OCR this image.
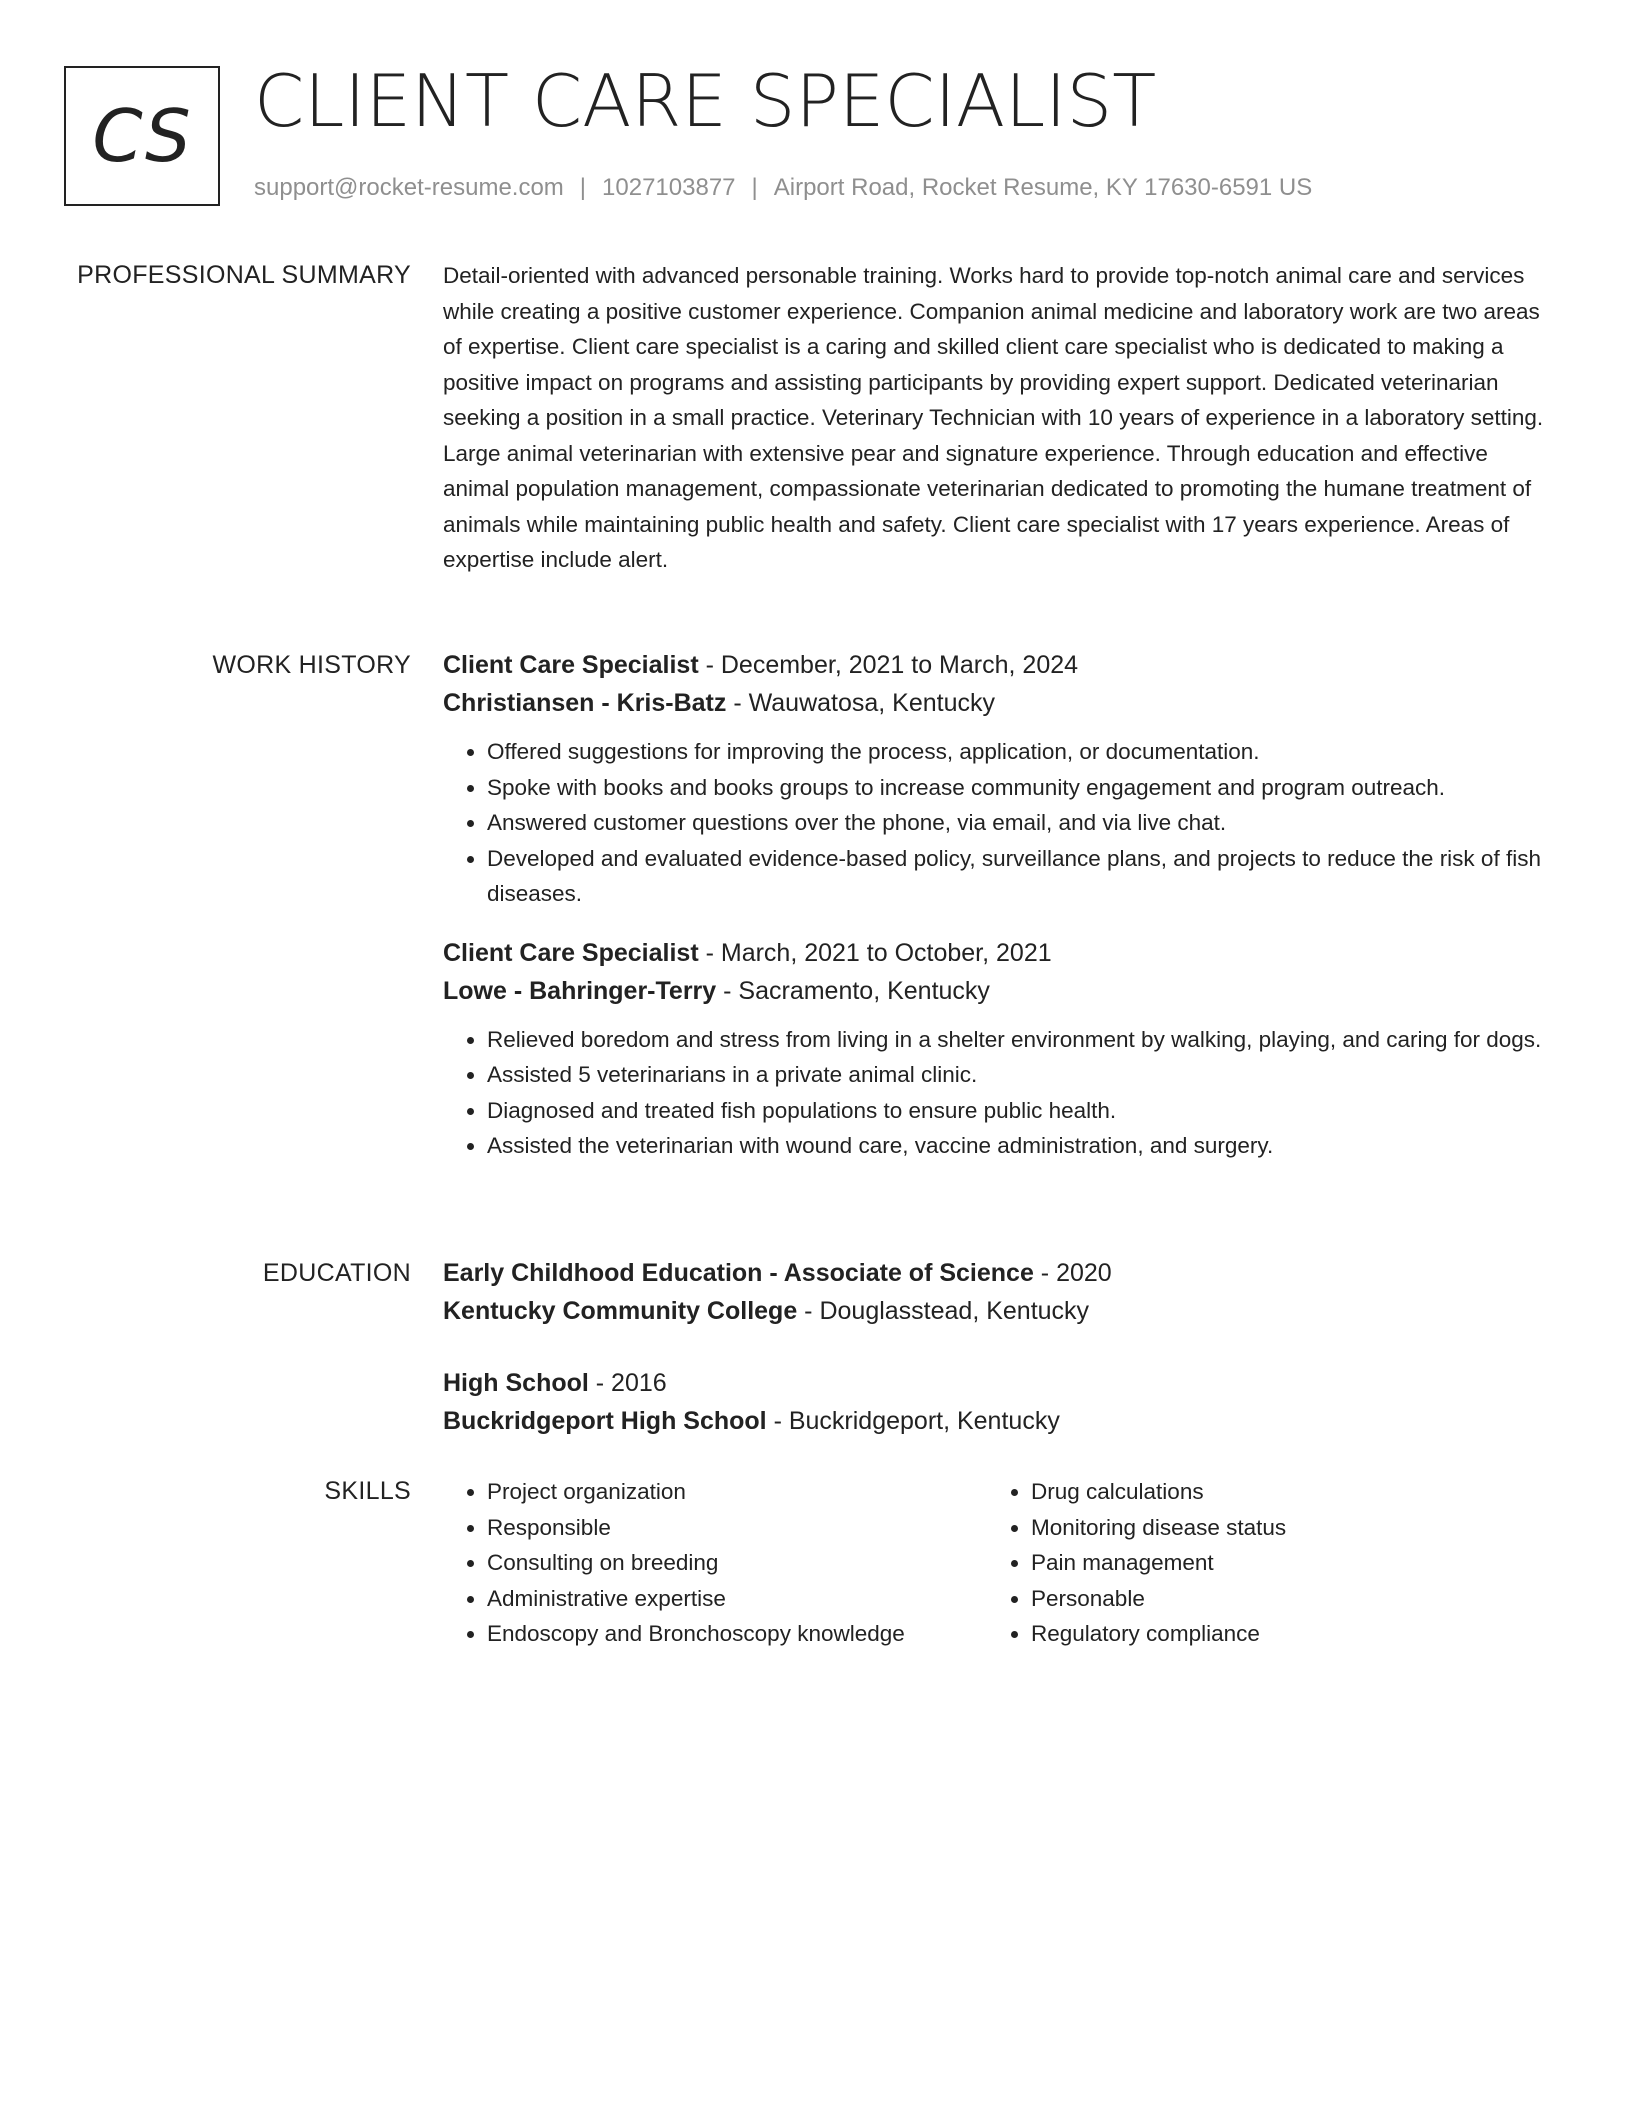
CS CLIENT CARE SPECIALIST
support@rocket-resume.com | 1027103877 | Airport Road, Rocket Resume, KY 17630-6591 US
PROFESSIONAL SUMMARY Detail-oriented with advanced personable training. Works hard to provide top-notch animal care and services while creating a positive customer experience. Companion animal medicine and laboratory work are two areas of expertise. Client care specialist is a caring and skilled client care specialist who is dedicated to making a positive impact on programs and assisting participants by providing expert support. Dedicated veterinarian seeking a position in a small practice. Veterinary Technician with 10 years of experience in a laboratory setting. Large animal veterinarian with extensive pear and signature experience. Through education and effective animal population management, compassionate veterinarian dedicated to promoting the humane treatment of animals while maintaining public health and safety. Client care specialist with 17 years experience. Areas of expertise include alert.

WORK HISTORY Client Care Specialist - December, 2021 to March, 2024
Christiansen - Kris-Batz - Wauwatosa, Kentucky
• Offered suggestions for improving the process, application, or documentation.
• Spoke with books and books groups to increase community engagement and program outreach.
• Answered customer questions over the phone, via email, and via live chat.
• Developed and evaluated evidence-based policy, surveillance plans, and projects to reduce the risk of fish diseases.
Client Care Specialist - March, 2021 to October, 2021
Lowe - Bahringer-Terry - Sacramento, Kentucky
• Relieved boredom and stress from living in a shelter environment by walking, playing, and caring for dogs.
• Assisted 5 veterinarians in a private animal clinic.
• Diagnosed and treated fish populations to ensure public health.
• Assisted the veterinarian with wound care, vaccine administration, and surgery.
EDUCATION Early Childhood Education - Associate of Science - 2020
Kentucky Community College - Douglasstead, Kentucky
High School - 2016
Buckridgeport High School - Buckridgeport, Kentucky
SKILLS
•	Project organization
• Responsible
• Consulting on breeding
• Administrative expertise
• Endoscopy and Bronchoscopy knowledge
• Drug calculations
• Monitoring disease status
• Pain management
• Personable
• Regulatory compliance
